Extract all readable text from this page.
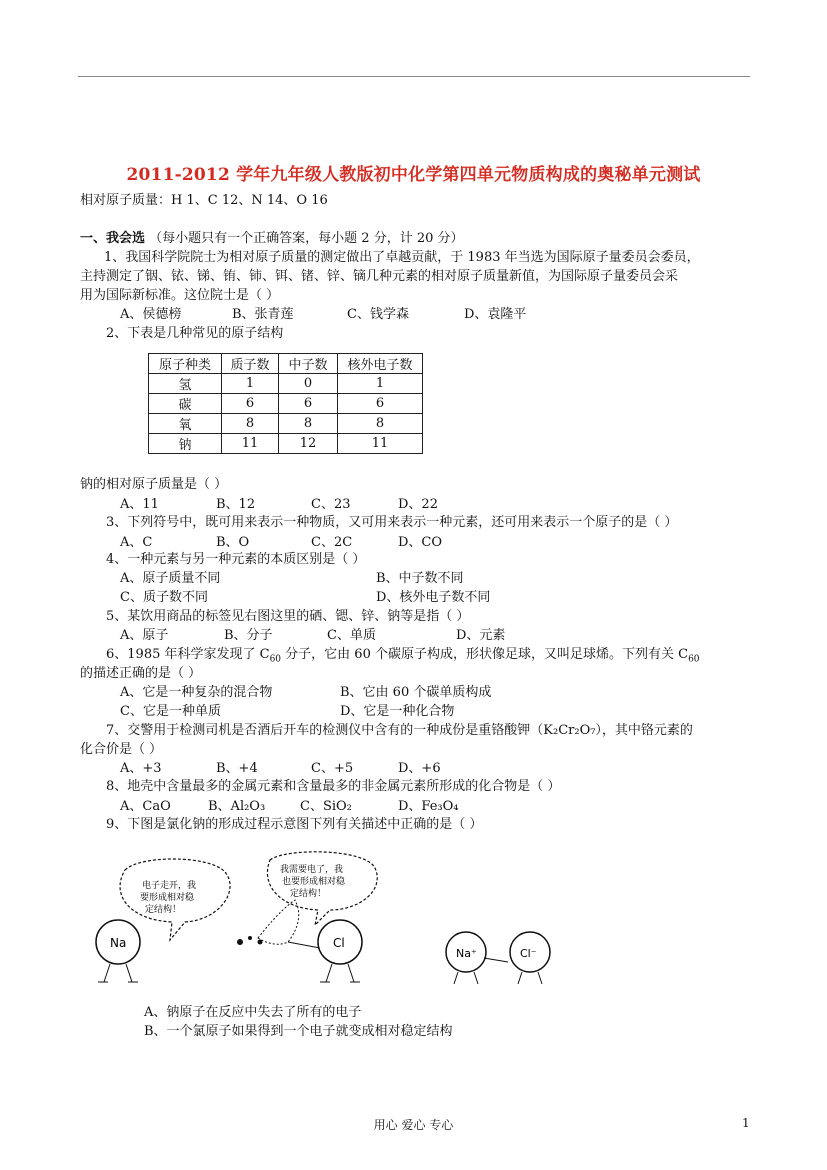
2011-2012 学年九年级人教版初中化学第四单元物质构成的奥秘单元测试
相对原子质量：H 1、C 12、N 14、O 16
一、我会选 （每小题只有一个正确答案，每小题 2 分，计 20 分）
1、我国科学院院士为相对原子质量的测定做出了卓越贡献，于 1983 年当选为国际原子量委员会委员，
主持测定了铟、铱、锑、铕、铈、铒、锗、锌、镝几种元素的相对原子质量新值，为国际原子量委员会采
用为国际新标准。这位院士是（ ）
A、侯德榜	B、张青莲	C、钱学森	D、袁隆平
2、下表是几种常见的原子结构
原子种类	质子数	中子数	核外电子数
氢	1	0	1
碳	6	6	6
氧	8	8	8
钠	11	12	11
钠的相对原子质量是（ ）
A、11	B、12	C、23	D、22
3、下列符号中，既可用来表示一种物质，又可用来表示一种元素，还可用来表示一个原子的是（ ）
A、C	B、O	C、2C	D、CO
4、一种元素与另一种元素的本质区别是（ ）
A、原子质量不同	B、中子数不同
C、质子数不同	D、核外电子数不同
5、某饮用商品的标签见右图这里的硒、锶、锌、钠等是指（ ）
A、原子	B、分子	C、单质	D、元素
6、1985 年科学家发现了 $C_{60}$ 分子，它由 60 个碳原子构成，形状像足球，又叫足球烯。下列有关 $C_{60}$
的描述正确的是（ ）
A、它是一种复杂的混合物	B、它由 60 个碳单质构成
C、它是一种单质	D、它是一种化合物
7、交警用于检测司机是否酒后开车的检测仪中含有的一种成份是重铬酸钾（K₂Cr₂O₇），其中铬元素的
化合价是（ ）
A、+3	B、+4	C、+5	D、+6
8、地壳中含量最多的金属元素和含量最多的非金属元素所形成的化合物是（ ）
A、CaO	B、Al₂O₃	C、SiO₂	D、Fe₃O₄
9、下图是氯化钠的形成过程示意图下列有关描述中正确的是（ ）
电子走开，我 要形成相对稳 定结构！
Na
我需要电了，我 也要形成相对稳 定结构！
Cl
Na⁺	Cl⁻
A、钠原子在反应中失去了所有的电子
B、一个氯原子如果得到一个电子就变成相对稳定结构
用心 爱心 专心	1
